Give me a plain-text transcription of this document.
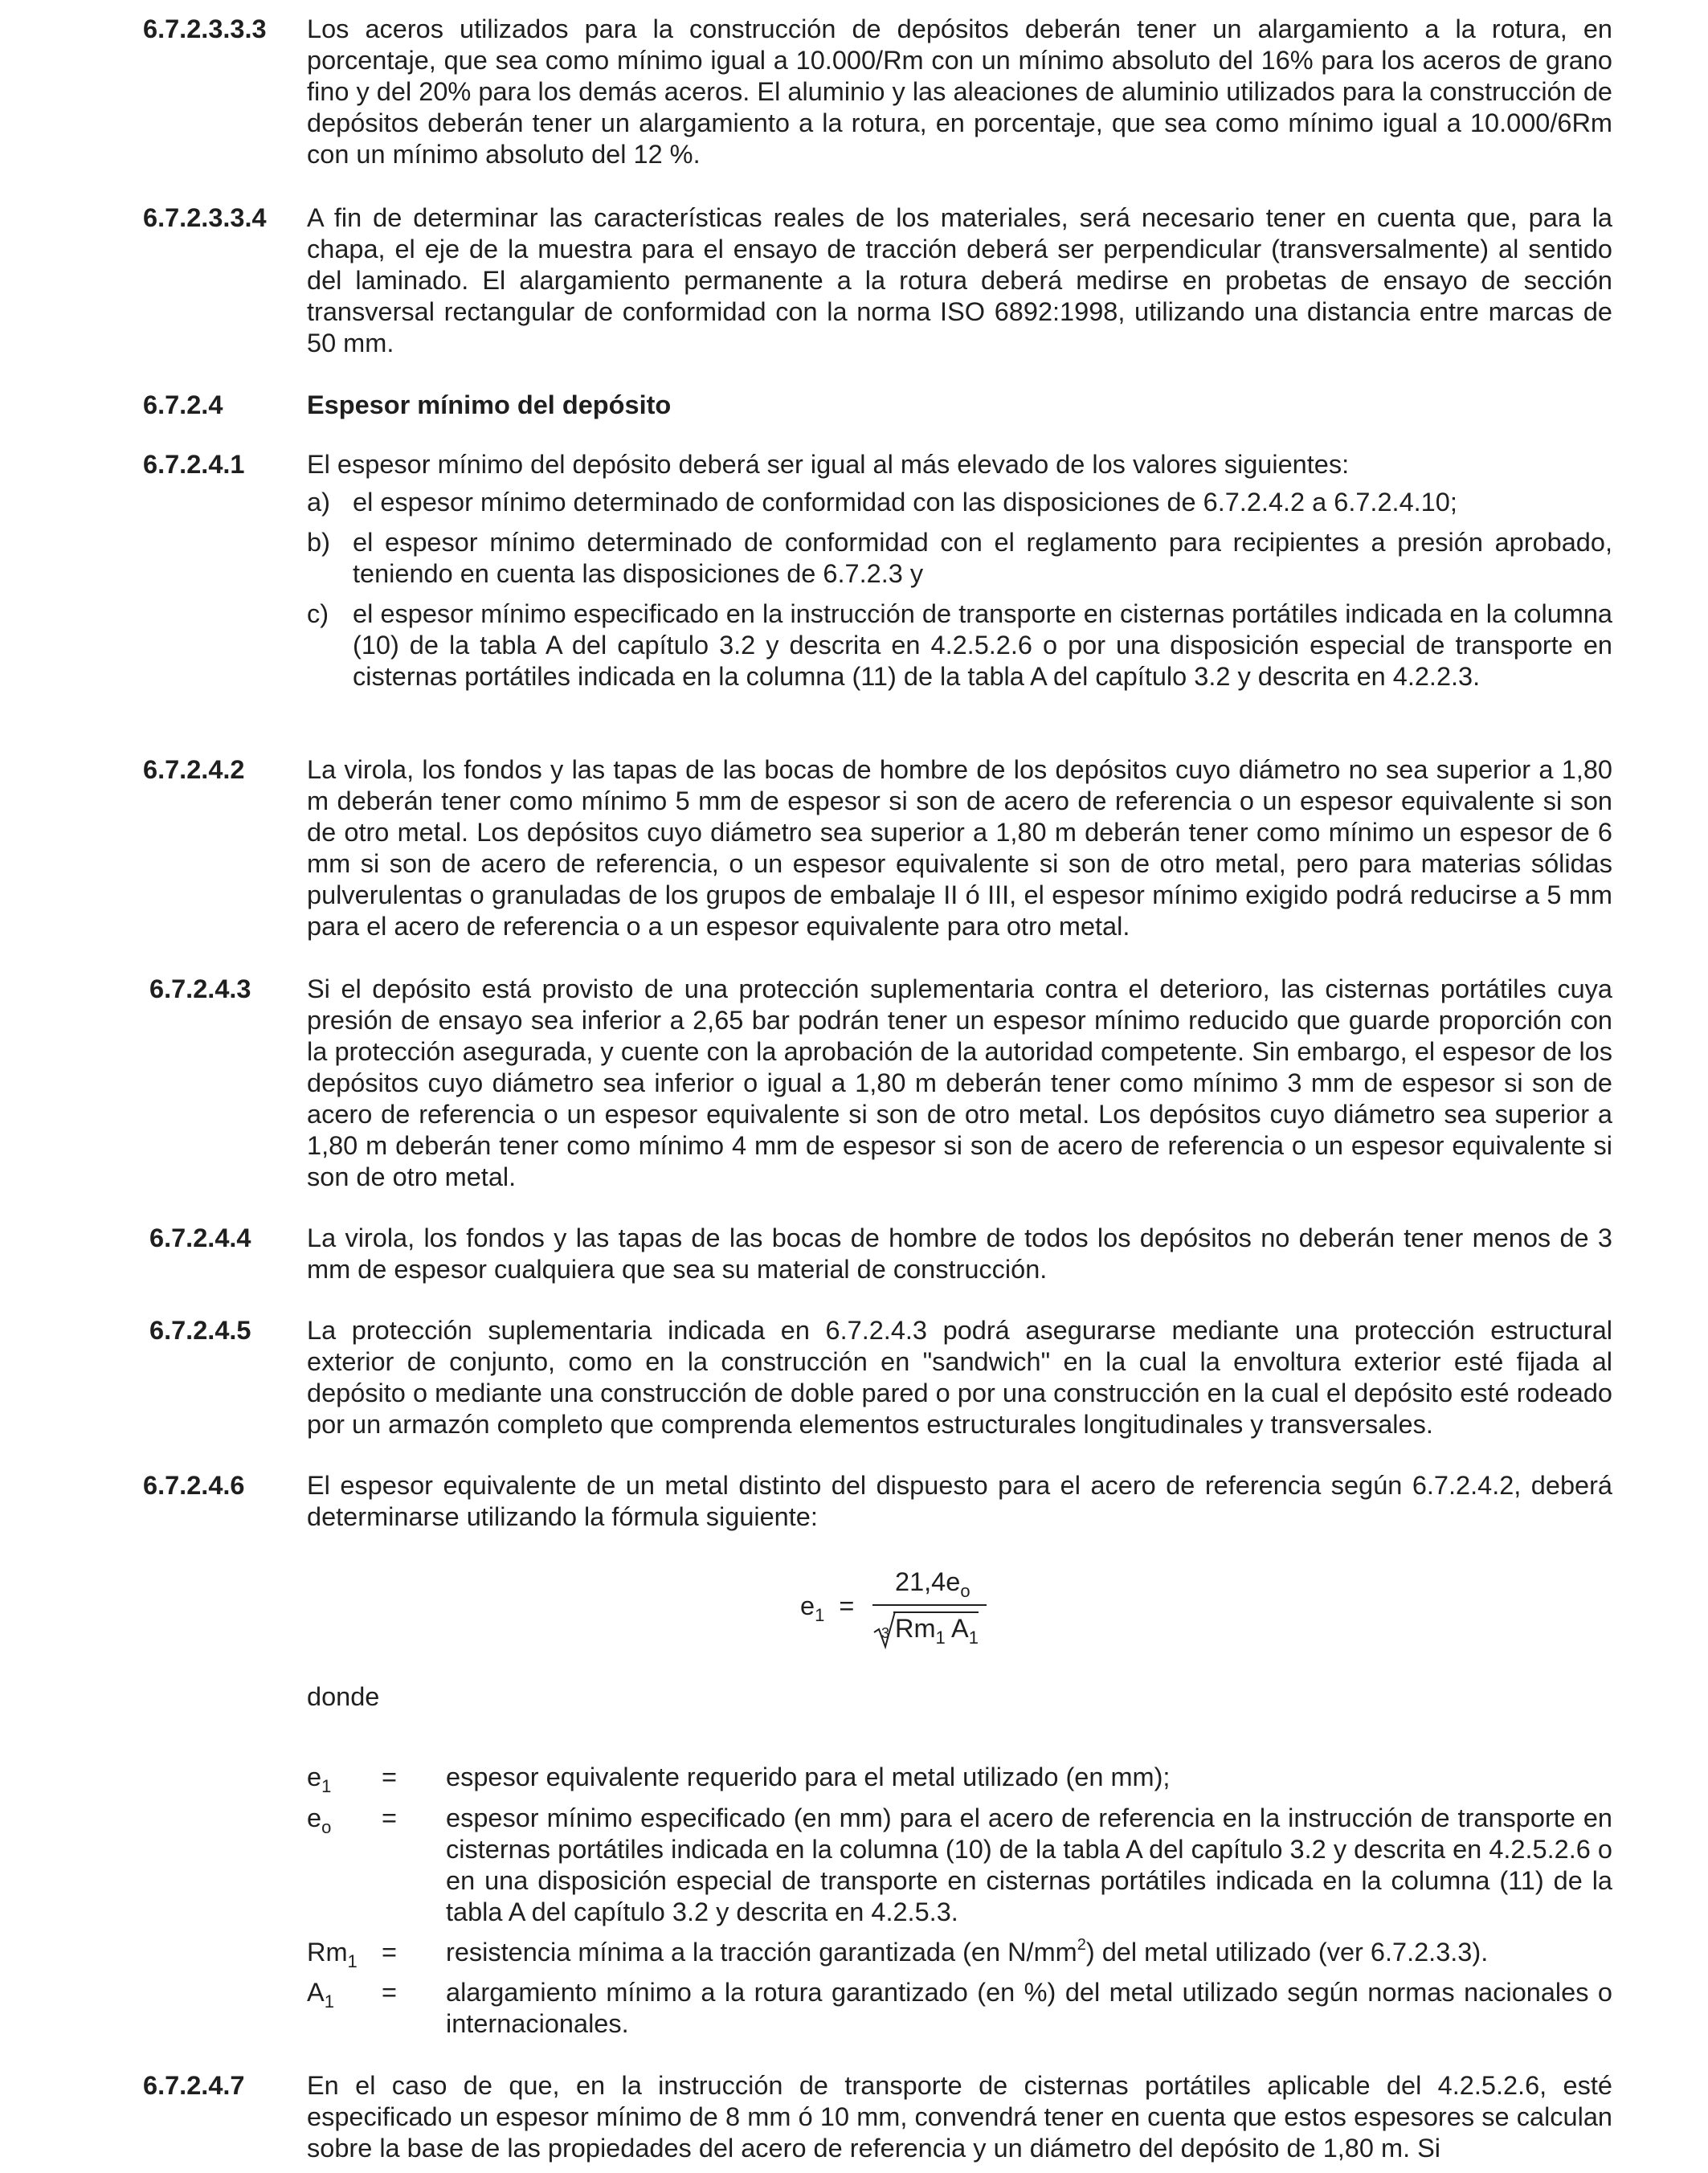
6.7.2.3.3.3 Los aceros utilizados para la construcción de depósitos deberán tener un alargamiento a la rotura, en porcentaje, que sea como mínimo igual a 10.000/Rm con un mínimo absoluto del 16% para los aceros de grano fino y del 20% para los demás aceros. El aluminio y las aleaciones de aluminio utilizados para la construcción de depósitos deberán tener un alargamiento a la rotura, en porcentaje, que sea como mínimo igual a 10.000/6Rm con un mínimo absoluto del 12 %.

6.7.2.3.3.4 A fin de determinar las características reales de los materiales, será necesario tener en cuenta que, para la chapa, el eje de la muestra para el ensayo de tracción deberá ser perpendicular (transversalmente) al sentido del laminado. El alargamiento permanente a la rotura deberá medirse en probetas de ensayo de sección transversal rectangular de conformidad con la norma ISO 6892:1998, utilizando una distancia entre marcas de 50 mm.

6.7.2.4	Espesor mínimo del depósito

6.7.2.4.1 El espesor mínimo del depósito deberá ser igual al más elevado de los valores siguientes:

a) el espesor mínimo determinado de conformidad con las disposiciones de 6.7.2.4.2 a 6.7.2.4.10;

b) el espesor mínimo determinado de conformidad con el reglamento para recipientes a presión aprobado, teniendo en cuenta las disposiciones de 6.7.2.3 y

c) el espesor mínimo especificado en la instrucción de transporte en cisternas portátiles indicada en la columna (10) de la tabla A del capítulo 3.2 y descrita en 4.2.5.2.6 o por una disposición especial de transporte en cisternas portátiles indicada en la columna (11) de la tabla A del capítulo 3.2 y descrita en 4.2.2.3.

6.7.2.4.2 La virola, los fondos y las tapas de las bocas de hombre de los depósitos cuyo diámetro no sea superior a 1,80 m deberán tener como mínimo 5 mm de espesor si son de acero de referencia o un espesor equivalente si son de otro metal. Los depósitos cuyo diámetro sea superior a 1,80 m deberán tener como mínimo un espesor de 6 mm si son de acero de referencia, o un espesor equivalente si son de otro metal, pero para materias sólidas pulverulentas o granuladas de los grupos de embalaje II ó III, el espesor mínimo exigido podrá reducirse a 5 mm para el acero de referencia o a un espesor equivalente para otro metal.

6.7.2.4.3 Si el depósito está provisto de una protección suplementaria contra el deterioro, las cisternas portátiles cuya presión de ensayo sea inferior a 2,65 bar podrán tener un espesor mínimo reducido que guarde proporción con la protección asegurada, y cuente con la aprobación de la autoridad competente. Sin embargo, el espesor de los depósitos cuyo diámetro sea inferior o igual a 1,80 m deberán tener como mínimo 3 mm de espesor si son de acero de referencia o un espesor equivalente si son de otro metal. Los depósitos cuyo diámetro sea superior a 1,80 m deberán tener como mínimo 4 mm de espesor si son de acero de referencia o un espesor equivalente si son de otro metal.

6.7.2.4.4 La virola, los fondos y las tapas de las bocas de hombre de todos los depósitos no deberán tener menos de 3 mm de espesor cualquiera que sea su material de construcción.

6.7.2.4.5 La protección suplementaria indicada en 6.7.2.4.3 podrá asegurarse mediante una protección estructural exterior de conjunto, como en la construcción en "sandwich" en la cual la envoltura exterior esté fijada al depósito o mediante una construcción de doble pared o por una construcción en la cual el depósito esté rodeado por un armazón completo que comprenda elementos estructurales longitudinales y transversales.

6.7.2.4.6 El espesor equivalente de un metal distinto del dispuesto para el acero de referencia según 6.7.2.4.2, deberá determinarse utilizando la fórmula siguiente:

$e_1$ =
$21,4e_o$
3 $Rm_1$ $A_1$

donde

$e_1$ = espesor equivalente requerido para el metal utilizado (en mm);

$e_o$ = espesor mínimo especificado (en mm) para el acero de referencia en la instrucción de transporte en cisternas portátiles indicada en la columna (10) de la tabla A del capítulo 3.2 y descrita en 4.2.5.2.6 o en una disposición especial de transporte en cisternas portátiles indicada en la columna (11) de la tabla A del capítulo 3.2 y descrita en 4.2.5.3.

$Rm_1$ = resistencia mínima a la tracción garantizada (en $N/mm^2$) del metal utilizado (ver 6.7.2.3.3).

$A_1$ = alargamiento mínimo a la rotura garantizado (en %) del metal utilizado según normas nacionales o internacionales.

6.7.2.4.7 En el caso de que, en la instrucción de transporte de cisternas portátiles aplicable del 4.2.5.2.6, esté especificado un espesor mínimo de 8 mm ó 10 mm, convendrá tener en cuenta que estos espesores se calculan sobre la base de las propiedades del acero de referencia y un diámetro del depósito de 1,80 m. Si
